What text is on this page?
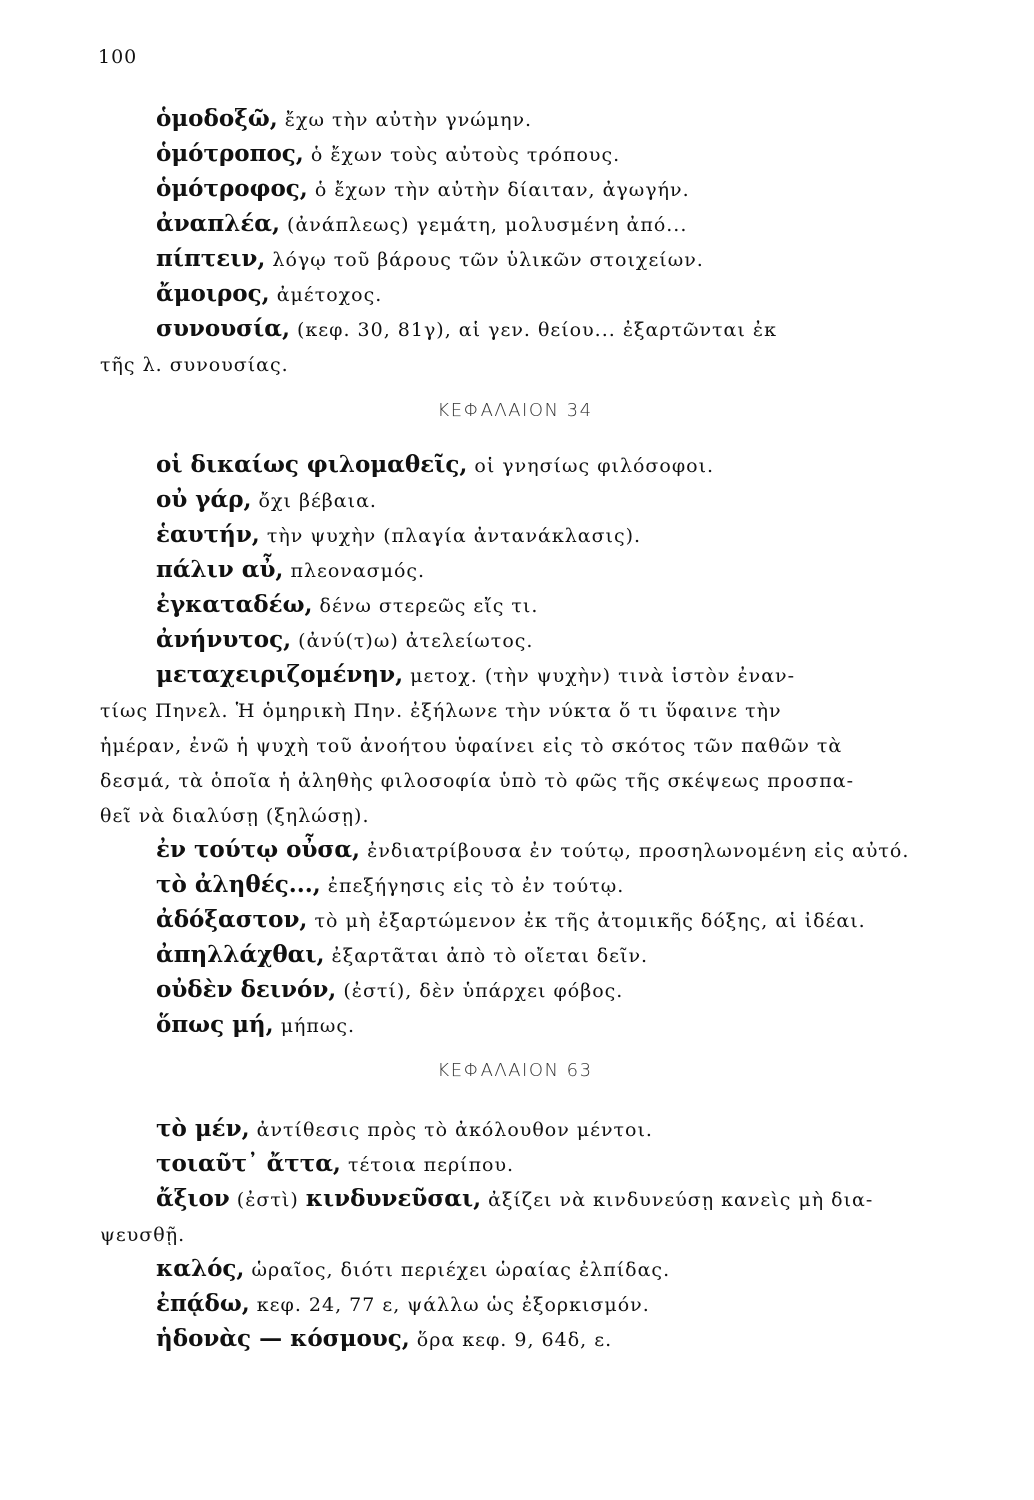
100
ὁμοδοξῶ, ἔχω τὴν αὐτὴν γνώμην.
ὁμότροπος, ὁ ἔχων τοὺς αὐτοὺς τρόπους.
ὁμότροφος, ὁ ἔχων τὴν αὐτὴν δίαιταν, ἀγωγήν.
ἀναπλέα, (ἀνάπλεως) γεμάτη, μολυσμένη ἀπό...
πίπτειν, λόγῳ τοῦ βάρους τῶν ὑλικῶν στοιχείων.
ἄμοιρος, ἀμέτοχος.
συνουσία, (κεφ. 30, 81γ), αἱ γεν. θείου... ἐξαρτῶνται ἐκ
τῆς λ. συνουσίας.
ΚΕΦΑΛΑΙΟΝ 34
οἱ δικαίως φιλομαθεῖς, οἱ γνησίως φιλόσοφοι.
οὐ γάρ, ὄχι βέβαια.
ἑαυτήν, τὴν ψυχὴν (πλαγία ἀντανάκλασις).
πάλιν αὖ, πλεονασμός.
ἐγκαταδέω, δένω στερεῶς εἴς τι.
ἀνήνυτος, (ἀνύ(τ)ω) ἀτελείωτος.
μεταχειριζομένην, μετοχ. (τὴν ψυχὴν) τινὰ ἱστὸν ἐναν-
τίως Πηνελ. Ἡ ὁμηρικὴ Πην. ἐξήλωνε τὴν νύκτα ὅ τι ὕφαινε τὴν
ἡμέραν, ἐνῶ ἡ ψυχὴ τοῦ ἀνοήτου ὑφαίνει εἰς τὸ σκότος τῶν παθῶν τὰ
δεσμά, τὰ ὁποῖα ἡ ἀληθὴς φιλοσοφία ὑπὸ τὸ φῶς τῆς σκέψεως προσπα-
θεῖ νὰ διαλύσῃ (ξηλώσῃ).
ἐν τούτῳ οὖσα, ἐνδιατρίβουσα ἐν τούτῳ, προσηλωνομένη εἰς αὐτό.
τὸ ἀληθές..., ἐπεξήγησις εἰς τὸ ἐν τούτῳ.
ἀδόξαστον, τὸ μὴ ἐξαρτώμενον ἐκ τῆς ἀτομικῆς δόξης, αἱ ἰδέαι.
ἀπηλλάχθαι, ἐξαρτᾶται ἀπὸ τὸ οἴεται δεῖν.
οὐδὲν δεινόν, (ἐστί), δὲν ὑπάρχει φόβος.
ὅπως μή, μήπως.
ΚΕΦΑΛΑΙΟΝ 63
τὸ μέν, ἀντίθεσις πρὸς τὸ ἀκόλουθον μέντοι.
τοιαῦτ᾽ ἄττα, τέτοια περίπου.
ἄξιον (ἐστὶ) κινδυνεῦσαι, ἀξίζει νὰ κινδυνεύσῃ κανεὶς μὴ δια-
ψευσθῇ.
καλός, ὡραῖος, διότι περιέχει ὡραίας ἐλπίδας.
ἐπᾴδω, κεφ. 24, 77 ε, ψάλλω ὡς ἐξορκισμόν.
ἡδονὰς — κόσμους, ὅρα κεφ. 9, 64δ, ε.
